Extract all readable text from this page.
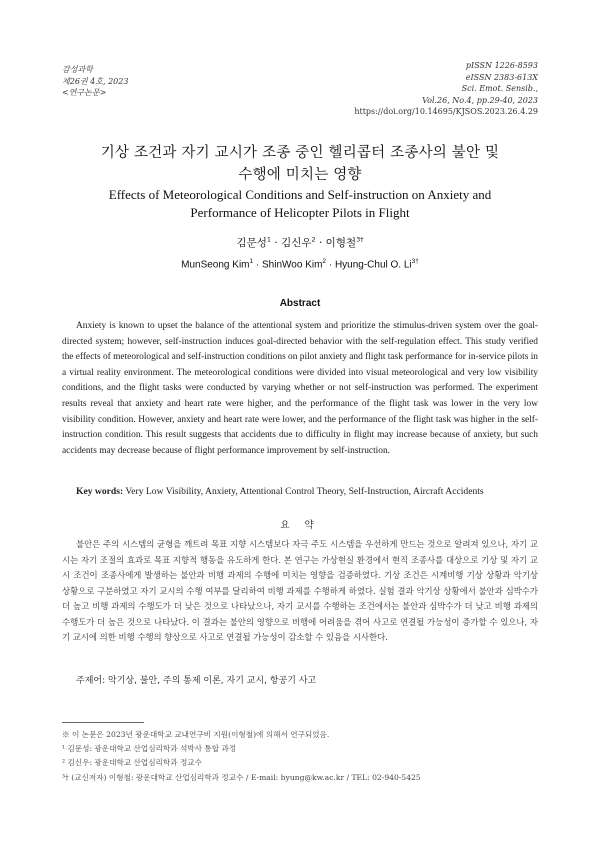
감성과학
제26권 4호, 2023
<연구논문>
pISSN 1226-8593
eISSN 2383-613X
Sci. Emot. Sensib.,
Vol.26, No.4, pp.29-40, 2023
https://doi.org/10.14695/KJSOS.2023.26.4.29
기상 조건과 자기 교시가 조종 중인 헬리콥터 조종사의 불안 및
수행에 미치는 영향
Effects of Meteorological Conditions and Self-instruction on Anxiety and
Performance of Helicopter Pilots in Flight
김문성$^1$ · 김신우$^2$ · 이형철$^{3\dagger}$
MunSeong Kim$^1$ · ShinWoo Kim$^2$ · Hyung-Chul O. $Li^{3\dagger}$
Abstract
Anxiety is known to upset the balance of the attentional system and prioritize the stimulus-driven system over the goal-directed system; however, self-instruction induces goal-directed behavior with the self-regulation effect. This study verified the effects of meteorological and self-instruction conditions on pilot anxiety and flight task performance for in-service pilots in a virtual reality environment. The meteorological conditions were divided into visual meteorological and very low visibility conditions, and the flight tasks were conducted by varying whether or not self-instruction was performed. The experiment results reveal that anxiety and heart rate were higher, and the performance of the flight task was lower in the very low visibility condition. However, anxiety and heart rate were lower, and the performance of the flight task was higher in the self-instruction condition. This result suggests that accidents due to difficulty in flight may increase because of anxiety, but such accidents may decrease because of flight performance improvement by self-instruction.
Key words: Very Low Visibility, Anxiety, Attentional Control Theory, Self-Instruction, Aircraft Accidents
요 약
불안은 주의 시스템의 균형을 깨트려 목표 지향 시스템보다 자극 주도 시스템을 우선하게 만드는 것으로 알려져 있으나, 자기 교시는 자기 조절의 효과로 목표 지향적 행동을 유도하게 한다. 본 연구는 가상현실 환경에서 현직 조종사를 대상으로 기상 및 자기 교시 조건이 조종사에게 발생하는 불안과 비행 과제의 수행에 미치는 영향을 검증하였다. 기상 조건은 시계비행 기상 상황과 악기상 상황으로 구분하였고 자기 교시의 수행 여부를 달리하여 비행 과제를 수행하게 하였다. 실험 결과 악기상 상황에서 불안과 심박수가 더 높고 비행 과제의 수행도가 더 낮은 것으로 나타났으나, 자기 교시를 수행하는 조건에서는 불안과 심박수가 더 낮고 비행 과제의 수행도가 더 높은 것으로 나타났다. 이 결과는 불안의 영향으로 비행에 어려움을 겪어 사고로 연결될 가능성이 증가할 수 있으나, 자기 교시에 의한 비행 수행의 향상으로 사고로 연결될 가능성이 감소할 수 있음을 시사한다.
주제어: 악기상, 불안, 주의 통제 이론, 자기 교시, 항공기 사고
※ 이 논문은 2023년 광운대학교 교내연구비 지원(이형철)에 의해서 연구되었음.
¹ 김문성: 광운대학교 산업심리학과 석박사 통합 과정
² 김신우: 광운대학교 산업심리학과 정교수
³† (교신저자) 이형철: 광운대학교 산업심리학과 정교수 / E-mail: hyung@kw.ac.kr / TEL: 02-940-5425
